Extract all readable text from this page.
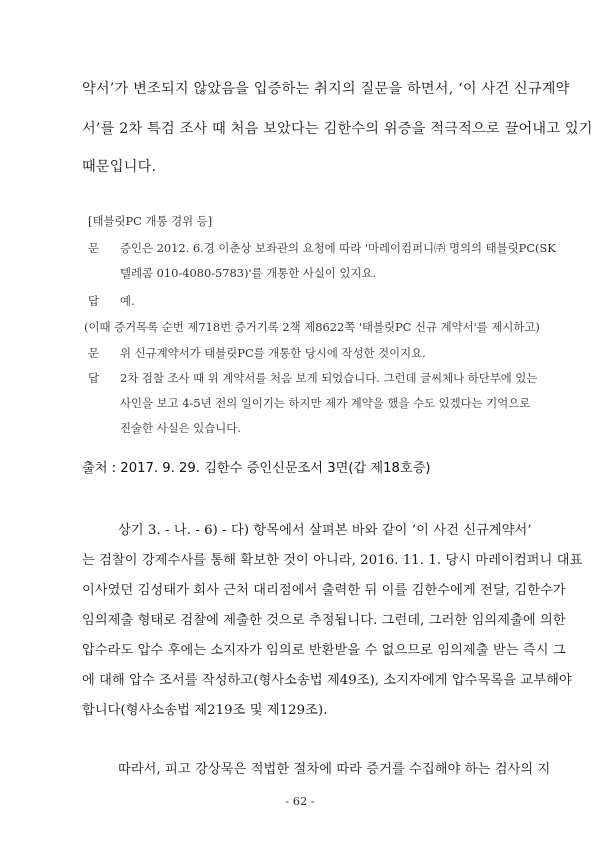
약서’가 변조되지 않았음을 입증하는 취지의 질문을 하면서, ‘이 사건 신규계약
서’를 2차 특검 조사 때 처음 보았다는 김한수의 위증을 적극적으로 끌어내고 있기
때문입니다.
[태블릿PC 개통 경위 등]
문 증인은 2012. 6.경 이춘상 보좌관의 요청에 따라 '마레이컴퍼니㈜ 명의의 태블릿PC(SK
텔레콤 010-4080-5783)'를 개통한 사실이 있지요.
답 예.
(이때 증거목록 순번 제718번 증거기록 2책 제8622쪽 '태블릿PC 신규 계약서'를 제시하고)
문 위 신규계약서가 태블릿PC를 개통한 당시에 작성한 것이지요.
답 2차 검찰 조사 때 위 계약서를 처음 보게 되었습니다. 그런데 글씨체나 하단부에 있는
사인을 보고 4-5년 전의 일이기는 하지만 제가 계약을 했을 수도 있겠다는 기억으로
진술한 사실은 있습니다.
출처 : 2017. 9. 29. 김한수 증인신문조서 3면(갑 제18호증)
상기 3. - 나. - 6) - 다) 항목에서 살펴본 바와 같이 ‘이 사건 신규계약서’
는 검찰이 강제수사를 통해 확보한 것이 아니라, 2016. 11. 1. 당시 마레이컴퍼니 대표
이사였던 김성태가 회사 근처 대리점에서 출력한 뒤 이를 김한수에게 전달, 김한수가
임의제출 형태로 검찰에 제출한 것으로 추정됩니다. 그런데, 그러한 임의제출에 의한
압수라도 압수 후에는 소지자가 임의로 반환받을 수 없으므로 임의제출 받는 즉시 그
에 대해 압수 조서를 작성하고(형사소송법 제49조), 소지자에게 압수목록을 교부해야
합니다(형사소송법 제219조 및 제129조).
따라서, 피고 강상묵은 적법한 절차에 따라 증거를 수집해야 하는 검사의 지
- 62 -
